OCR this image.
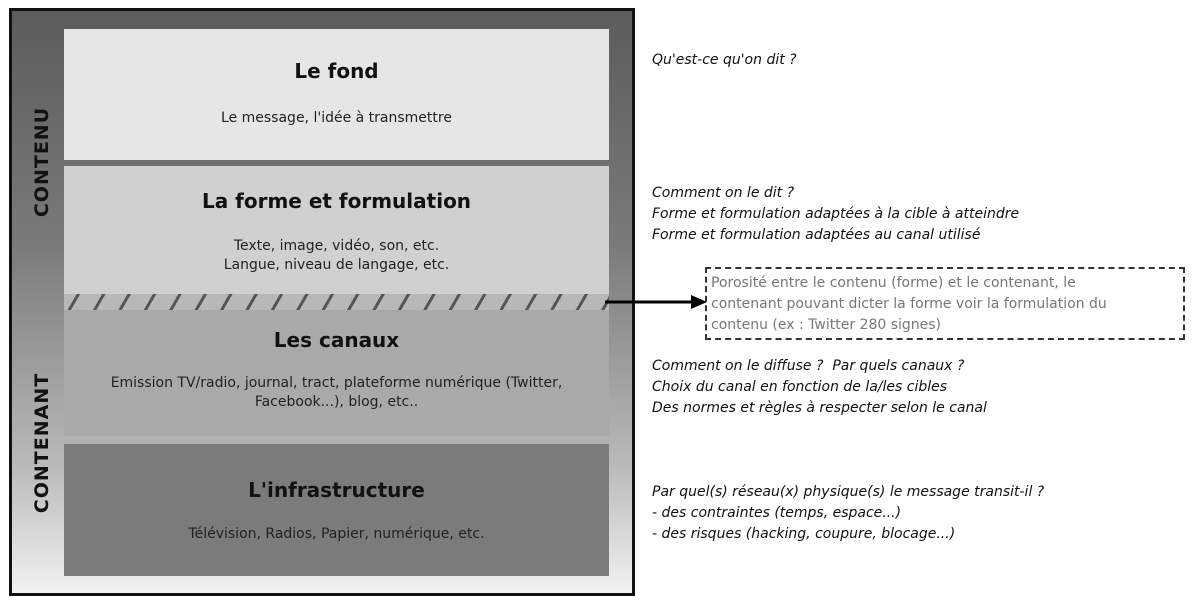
CONTENU
CONTENANT
Le fond

Le message, l'idée à transmettre

La forme et formulation

Texte, image, vidéo, son, etc.
Langue, niveau de langage, etc.

Les canaux

Emission TV/radio, journal, tract, plateforme numérique (Twitter,
Facebook...), blog, etc..

L'infrastructure

Télévision, Radios, Papier, numérique, etc.

Qu'est-ce qu'on dit ?
Comment on le dit ?
Forme et formulation adaptées à la cible à atteindre
Forme et formulation adaptées au canal utilisé
Porosité entre le contenu (forme) et le contenant, le
contenant pouvant dicter la forme voir la formulation du
contenu (ex : Twitter 280 signes)
Comment on le diffuse ?  Par quels canaux ?
Choix du canal en fonction de la/les cibles
Des normes et règles à respecter selon le canal
Par quel(s) réseau(x) physique(s) le message transit-il ?
- des contraintes (temps, espace...)
- des risques (hacking, coupure, blocage...)
